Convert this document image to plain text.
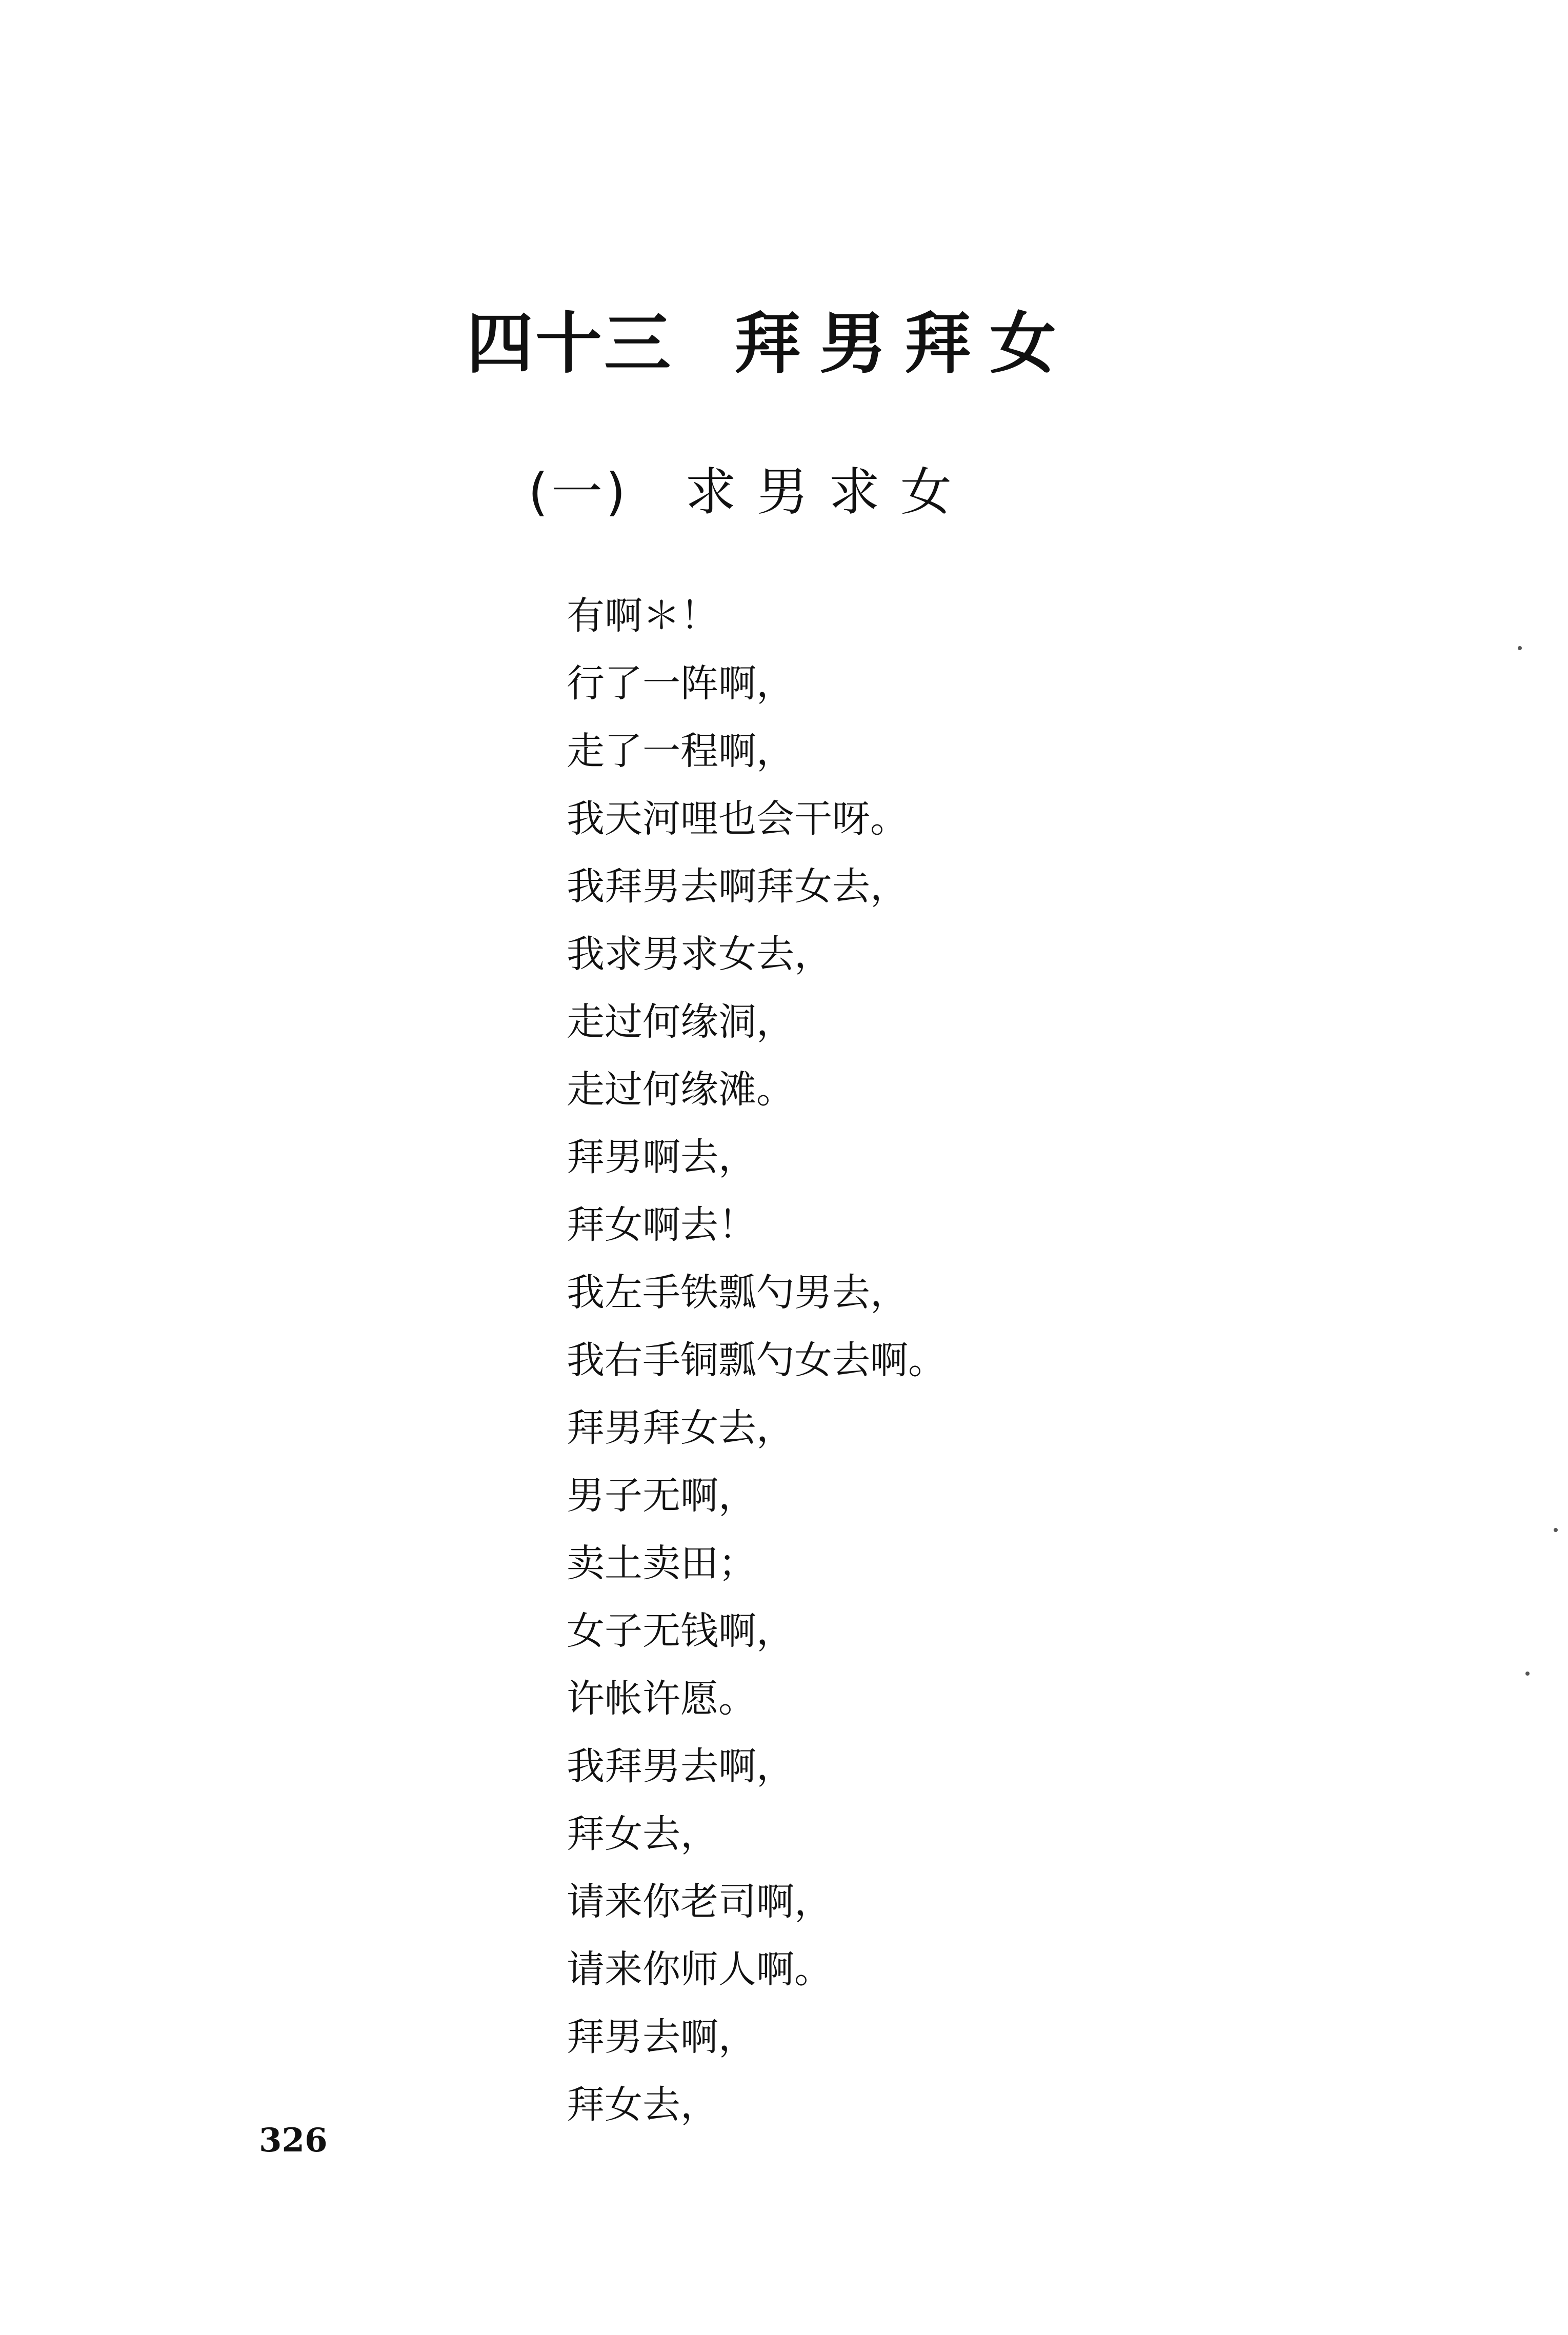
四十三 拜男拜女
(一) 求男求女
有啊＊！
行了一阵啊，
走了一程啊，
我天河哩也会干呀。
我拜男去啊拜女去，
我求男求女去，
走过何缘洞，
走过何缘滩。
拜男啊去，
拜女啊去！
我左手铁瓢勺男去，
我右手铜瓢勺女去啊。
拜男拜女去，
男子无啊，
卖土卖田；
女子无钱啊，
许帐许愿。
我拜男去啊，
拜女去，
请来你老司啊，
请来你师人啊。
拜男去啊，
拜女去，
326
